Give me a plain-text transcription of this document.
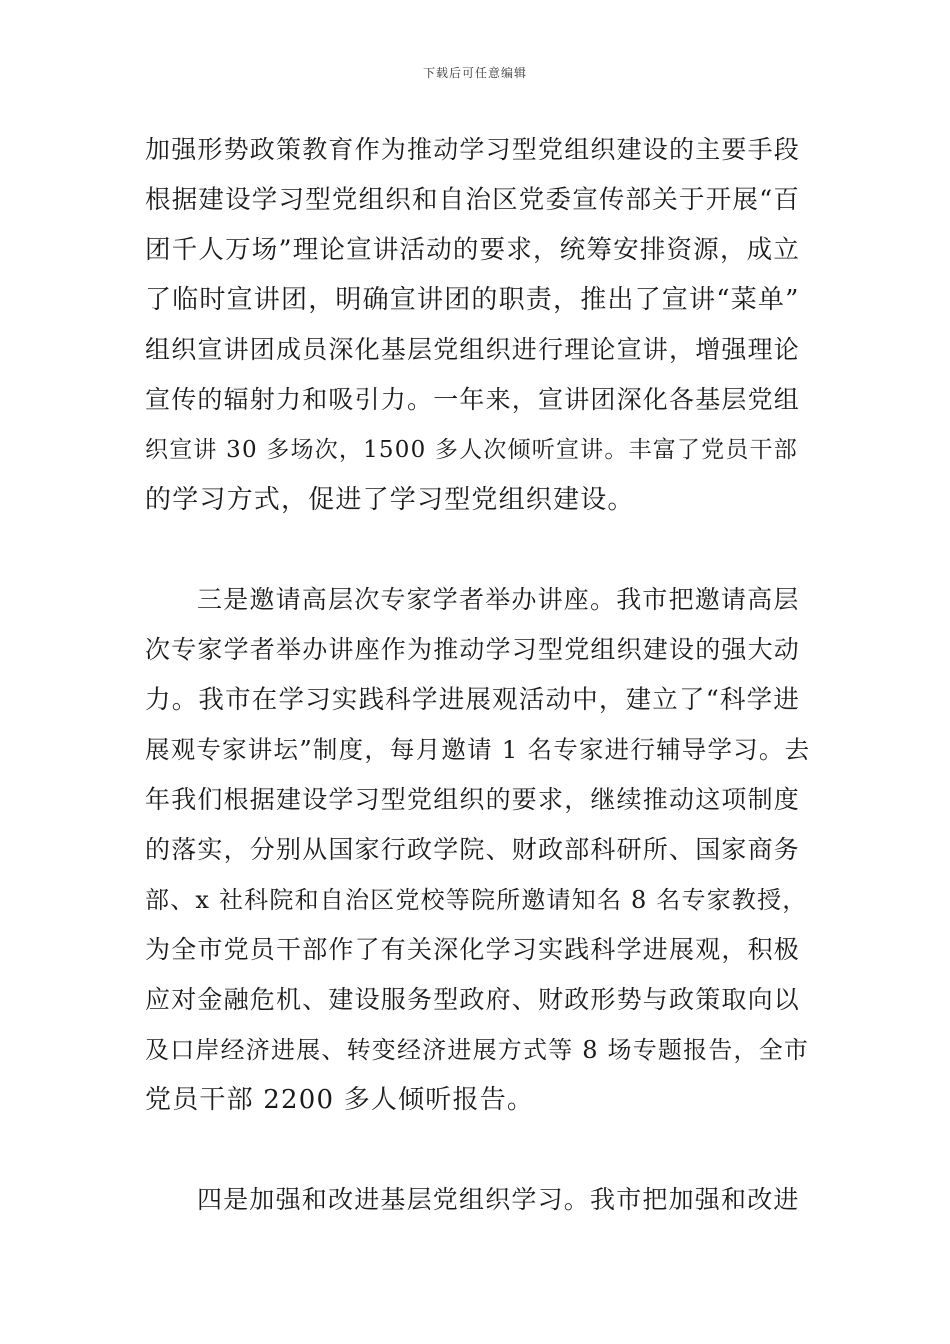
下载后可任意编辑
加强形势政策教育作为推动学习型党组织建设的主要手段
根据建设学习型党组织和自治区党委宣传部关于开展“百
团千人万场”理论宣讲活动的要求，统筹安排资源，成立
了临时宣讲团，明确宣讲团的职责，推出了宣讲“菜单”
组织宣讲团成员深化基层党组织进行理论宣讲，增强理论
宣传的辐射力和吸引力。一年来，宣讲团深化各基层党组
织宣讲 30 多场次，1500 多人次倾听宣讲。丰富了党员干部
的学习方式，促进了学习型党组织建设。
三是邀请高层次专家学者举办讲座。我市把邀请高层
次专家学者举办讲座作为推动学习型党组织建设的强大动
力。我市在学习实践科学进展观活动中，建立了“科学进
展观专家讲坛”制度，每月邀请 1 名专家进行辅导学习。去
年我们根据建设学习型党组织的要求，继续推动这项制度
的落实，分别从国家行政学院、财政部科研所、国家商务
部、x 社科院和自治区党校等院所邀请知名 8 名专家教授，
为全市党员干部作了有关深化学习实践科学进展观，积极
应对金融危机、建设服务型政府、财政形势与政策取向以
及口岸经济进展、转变经济进展方式等 8 场专题报告，全市
党员干部 2200 多人倾听报告。
四是加强和改进基层党组织学习。我市把加强和改进
